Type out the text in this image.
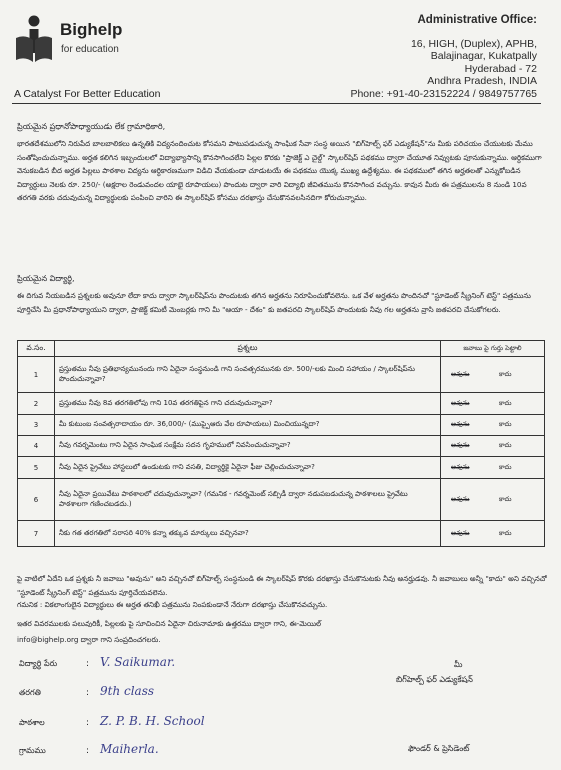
Bighelp
for education
A Catalyst For Better Education
Administrative Office:
16, HIGH, (Duplex), APHB,
Balajinagar, Kukatpally
Hyderabad - 72
Andhra Pradesh, INDIA
Phone: +91-40-23152224 / 9849757765
ప్రియమైన ప్రధానోపాధ్యాయుడు లేక గ్రామాధికారి,
భారతదేశములోని నిరుపేద బాలబాలికలు ఉన్నతికి విద్యనందించుట కోసమని పాటుపడుచున్న సాంఘిక సేవా సంస్థ అయిన "బిగ్‌హెల్ప్ ఫర్ ఎడ్యుకేషన్"ను మీకు పరిచయం చేయుటకు మేము సంతోషించుచున్నాము. అర్హత కలిగిన ఇబ్బందులలో విద్యాభ్యాసాన్ని కొనసాగించలేని పిల్లల కొరకు "ప్రాజెక్ట్ ఎ చైల్డ్" స్కాలర్‌షిప్ పథకము ద్వారా చేయూత నివ్వుటకు పూనుకున్నాము. ఆర్థికముగా వెనుకబడిన బీద అర్హత పిల్లలు పాఠశాల విద్యను ఆర్థికారణముగా విడిచి వేయకుండా చూడుటయే ఈ పథకము యొక్క ముఖ్య ఉద్దేశ్యము. ఈ పథకములో తగిన అర్హతలతో ఎన్నుకోబడిన విద్యార్థులు నెలకు రూ. 250/- (అక్షరాల రెండువందల యాభై రూపాయలు) పొందుట ద్వారా వారి విద్యాభి జీవితమును కొనసాగించ వచ్చును. కావున మీరు ఈ పత్రములను 8 నుండి 10వ తరగతి వరకు చదువుచున్న విద్యార్థులకు పంపించి వారిని ఈ స్కాలర్‌షిప్ కోసము దరఖాస్తు చేసుకొనవలసినదిగా కోరుచున్నాము.
ప్రియమైన విద్యార్థి,
ఈ దిగువ నీయబడిన ప్రశ్నలకు అవునూ లేదా కాదు ద్వారా స్కాలర్‌షిప్‌ను పొందుటకు తగిన అర్హతను నిరూపించుకోవలెను. ఒక వేళ అర్హతను పొందినచో "స్టూడెంట్ స్క్రీనింగ్ టెస్ట్" పత్రమును పూర్తిచేసి మీ ప్రధానోపాధ్యాయుని ద్వారా, ప్రాజెక్ట్ కమిటీ మెంబర్లకు గాని మీ "ఆయా - దేశం" కు జతపరచి స్కాలర్‌షిప్ పొందుటకు నీవు గల అర్హతను వ్రాసి జతపరచి చేసుకోగలరు.
వ.సం.	ప్రశ్నలు	జవాబు పై గుర్తు పెట్టాలి
1	ప్రస్తుతము నీవు ప్రతిభాన్యమునందు గాని ఏదైనా సంస్థనుండి గాని సంవత్సరమునకు రూ. 500/-లకు మించి సహాయం / స్కాలర్‌షిప్‌ను పొందుచున్నావా?	అవును కాదు
2	ప్రస్తుతము నీవు 8వ తరగతిలోపు గాని 10వ తరగతిపైన గాని చదువుచున్నావా?	అవును కాదు
3	మీ కుటుంబ సంవత్సరాదాయం రూ. 36,000/- (ముప్పైఆరు వేల రూపాయలు) మించియున్నదా?	అవును కాదు
4	నీవు గవర్నమెంటు గాని ఏదైన సాంఘిక సంక్షేమ సదన గృహములో నివసించుచున్నావా?	అవును కాదు
5	నీవు ఏదైన ప్రైవేటు హాస్టలులో ఉండుటకు గాని వసతి, విద్యార్థికై ఏదైనా ఫీజు చెల్లించుచున్నావా?	అవును కాదు
6	నీవు ఏదైనా ప్రయివేటు పాఠశాలలో చదువుచున్నావా? (గమనిక - గవర్నమెంట్ సబ్సిడీ ద్వారా నడుపబడుచున్న పాఠశాలలు ప్రైవేటు పాఠశాలగా గణించబడదు.)	అవును కాదు
7	నీకు గత తరగతిలో సరాసరి 40% కన్నా తక్కువ మార్కులు వచ్చినవా?	అవును కాదు
పై వాటిలో ఏదేని ఒక ప్రశ్నకు నీ జవాబు "అవును" అని వచ్చినచో బిగ్‌హెల్ప్ సంస్థనుండి ఈ స్కాలర్‌షిప్ కొరకు దరఖాస్తు చేసుకొనుటకు నీవు అనర్హుడవు. నీ జవాబులు అన్నీ "కాదు" అని వచ్చినచో "స్టూడెంట్ స్క్రీనింగ్ టెస్ట్" పత్రమును పూర్తిచేయవలెను.
గమనిక : వికలాంగులైన విద్యార్థులు ఈ అర్హత తనిఖీ పత్రమును నింపకుండానే నేరుగా దరఖాస్తు చేసుకొనవచ్చును.
ఇతర వివరములకు పలువురికీ, పిల్లలకు పై సూచించిన ఏదైనా చిరునామాకు ఉత్తరము ద్వారా గాని, ఈ-మెయిల్
info@bighelp.org ద్వారా గాని సంప్రదించగలరు.
విద్యార్థి పేరు	: V. Saikumar.
తరగతి	: 9th class
పాఠశాల	: Z. P. B. H. School
గ్రామము	: Maiherla.
మీ
బిగ్‌హెల్ప్ ఫర్ ఎడ్యుకేషన్
ఫౌండర్ & ప్రెసిడెంట్
